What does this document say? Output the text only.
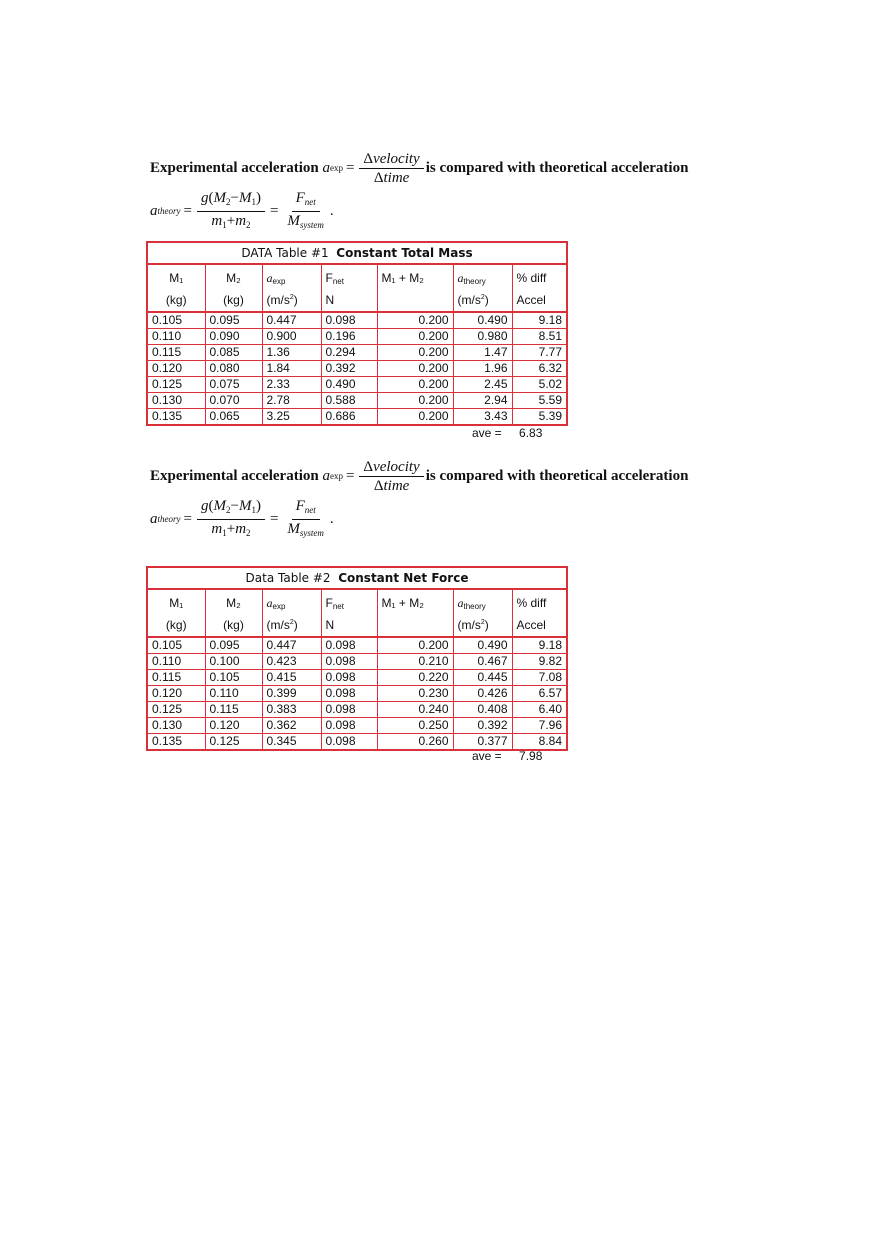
Experimental acceleration
a $\exp = \frac{\text{Δvelocity}}{\text{Δtime}}$ is compared with theoretical acceleration
a theory = $\frac{g(M_2-M_1)}{m_1+m_2} = \frac{F_{net}}{M_{system}}$ .
DATA Table #1 Constant Total Mass
M₁	M₂	aexp	Fnet	M₁ + M₂	atheory	% diff
(kg)	(kg)	$(m/s^2)$	N		$(m/s^2)$	Accel
0.105	0.095	0.447	0.098	0.200	0.490	9.18
0.110	0.090	0.900	0.196	0.200	0.980	8.51
0.115	0.085	1.36	0.294	0.200	1.47	7.77
0.120	0.080	1.84	0.392	0.200	1.96	6.32
0.125	0.075	2.33	0.490	0.200	2.45	5.02
0.130	0.070	2.78	0.588	0.200	2.94	5.59
0.135	0.065	3.25	0.686	0.200	3.43	5.39
ave = 6.83
Experimental acceleration
a $\exp = \frac{\text{Δvelocity}}{\text{Δtime}}$ is compared with theoretical acceleration
a theory = $\frac{g(M_2-M_1)}{m_1+m_2} = \frac{F_{net}}{M_{system}}$ .
Data Table #2 Constant Net Force
M₁	M₂	aexp	Fnet	M₁ + M₂	atheory	% diff
(kg)	(kg)	$(m/s^2)$	N		$(m/s^2)$	Accel
0.105	0.095	0.447	0.098	0.200	0.490	9.18
0.110	0.100	0.423	0.098	0.210	0.467	9.82
0.115	0.105	0.415	0.098	0.220	0.445	7.08
0.120	0.110	0.399	0.098	0.230	0.426	6.57
0.125	0.115	0.383	0.098	0.240	0.408	6.40
0.130	0.120	0.362	0.098	0.250	0.392	7.96
0.135	0.125	0.345	0.098	0.260	0.377	8.84
ave = 7.98
